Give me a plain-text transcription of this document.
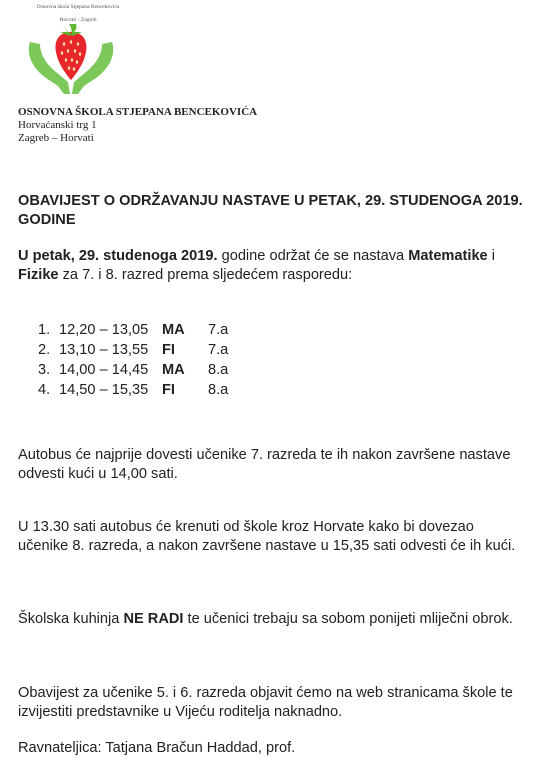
Osnovna škola Stjepana Bencekovića
Horvati - Zagreb
OSNOVNA ŠKOLA STJEPANA BENCEKOVIĆA
Horvaćanski trg 1
Zagreb – Horvati
OBAVIJEST O ODRŽAVANJU NASTAVE U PETAK, 29. STUDENOGA 2019. GODINE
U petak, 29. studenoga 2019. godine održat će se nastava Matematike i Fizike za 7. i 8. razred prema sljedećem rasporedu:
1. 12,20 – 13,05 MA	7.a
2. 13,10 – 13,55 FI	7.a
3. 14,00 – 14,45 MA	8.a
4. 14,50 – 15,35 FI	8.a
Autobus će najprije dovesti učenike 7. razreda te ih nakon završene nastave odvesti kući u 14,00 sati.
U 13.30 sati autobus će krenuti od škole kroz Horvate kako bi dovezao učenike 8. razreda, a nakon završene nastave u 15,35 sati odvesti će ih kući.
Školska kuhinja NE RADI te učenici trebaju sa sobom ponijeti mliječni obrok.
Obavijest za učenike 5. i 6. razreda objavit ćemo na web stranicama škole te izvijestiti predstavnike u Vijeću roditelja naknadno.
Ravnateljica: Tatjana Bračun Haddad, prof.
